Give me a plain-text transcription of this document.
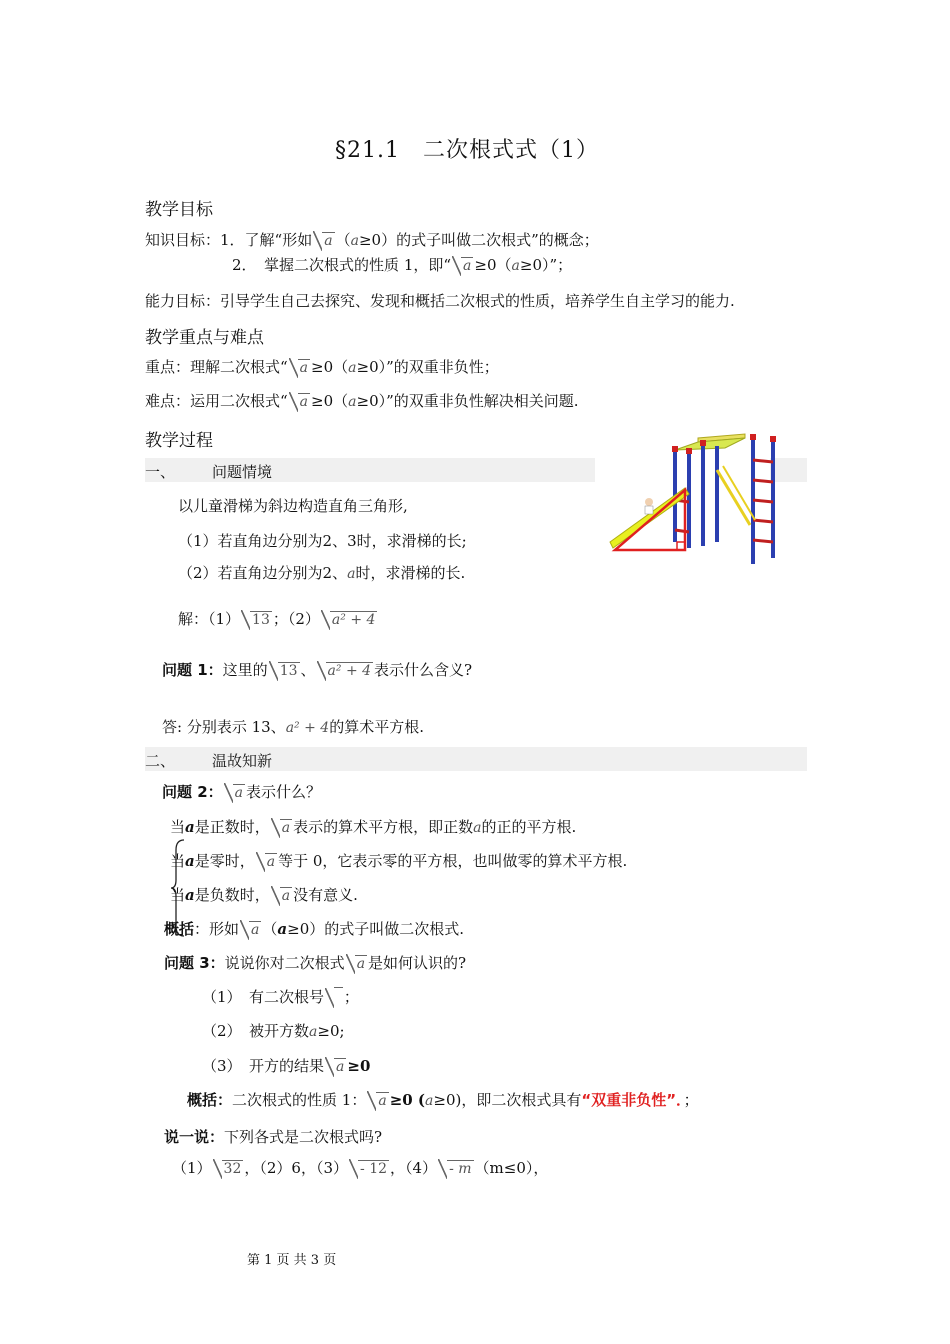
§21.1　二次根式式（1）
教学目标
知识目标：1．了解“形如 a （a≥0）的式子叫做二次根式”的概念；
2．　掌握二次根式的性质 1，即“ a ≥0（a≥0）”；
能力目标：引导学生自己去探究、发现和概括二次根式的性质，培养学生自主学习的能力.
教学重点与难点
重点：理解二次根式“ a ≥0（a≥0）”的双重非负性；
难点：运用二次根式“ a ≥0（a≥0）”的双重非负性解决相关问题.
教学过程
一、 问题情境
以儿童滑梯为斜边构造直角三角形,
（1）若直角边分别为2、3时，求滑梯的长;
（2）若直角边分别为2、a时，求滑梯的长.
解：（1） 13 ；（2） a² + 4
问题 1：这里的 13 、 a² + 4 表示什么含义?
答: 分别表示 13、a² + 4的算术平方根.
二、 温故知新
问题 2： a 表示什么？
当a是正数时， a 表示的算术平方根，即正数a的正的平方根.
当a是零时， a 等于 0，它表示零的平方根，也叫做零的算术平方根.
当a是负数时， a 没有意义.
概括：形如 a （a≥0）的式子叫做二次根式.
问题 3：说说你对二次根式 a 是如何认识的?
（1）　有二次根号 ；
（2）　被开方数a≥0;
（3）　开方的结果 a ≥0
概括：二次根式的性质 1： a ≥0 (a≥0)，即二次根式具有“双重非负性”．；
说一说：下列各式是二次根式吗?
（1） 32 ，（2）6，（3） - 12 ，（4） - m （m≤0），
第 1 页 共 3 页
